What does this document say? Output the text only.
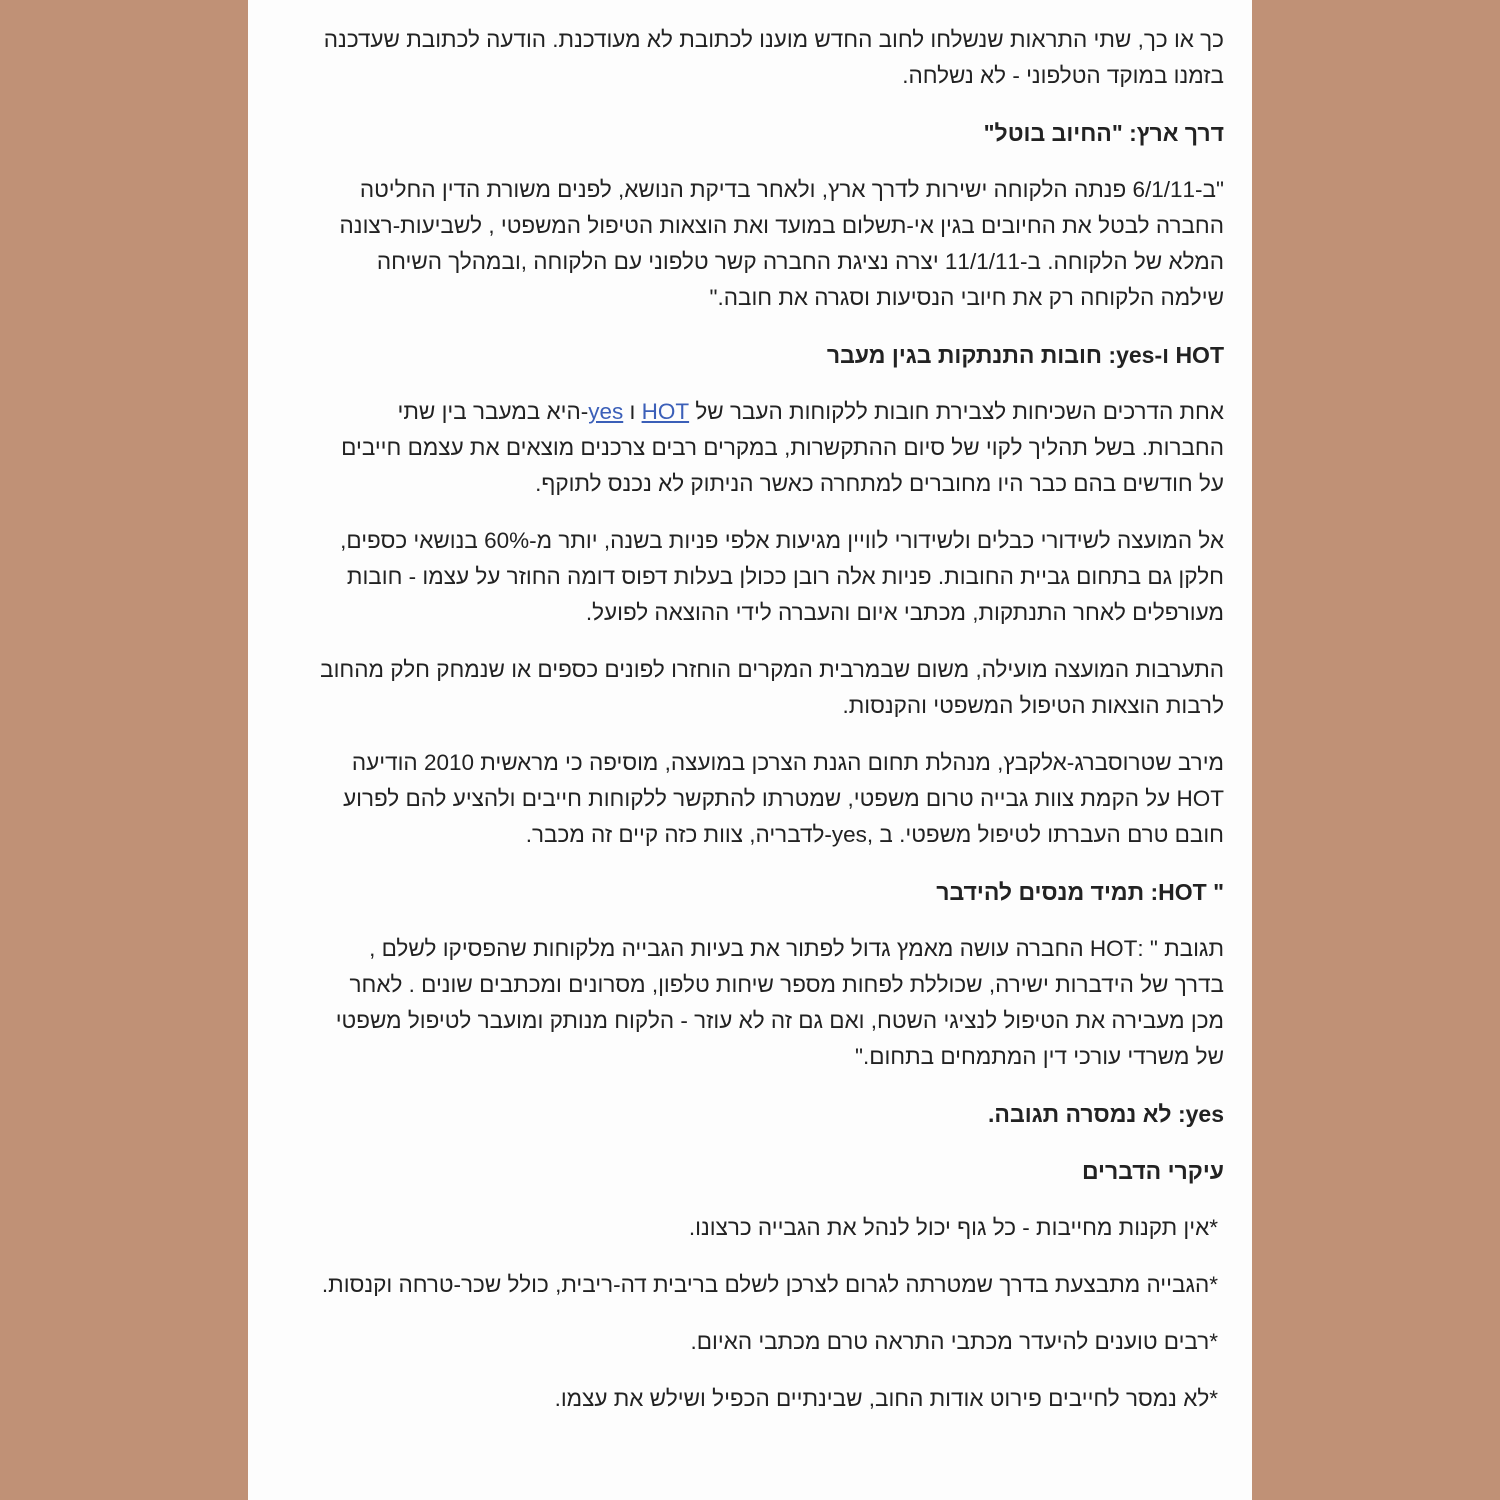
כך או כך, שתי התראות שנשלחו לחוב החדש מוענו לכתובת לא מעודכנת. הודעה לכתובת שעדכנה בזמנו במוקד הטלפוני - לא נשלחה.

דרך ארץ: "החיוב בוטל"

"ב-6/1/11 פנתה הלקוחה ישירות לדרך ארץ, ולאחר בדיקת הנושא, לפנים משורת הדין החליטה החברה לבטל את החיובים בגין אי-תשלום במועד ואת הוצאות הטיפול המשפטי , לשביעות-רצונה המלא של הלקוחה. ב-11/1/11 יצרה נציגת החברה קשר טלפוני עם הלקוחה ,ובמהלך השיחה שילמה הלקוחה רק את חיובי הנסיעות וסגרה את חובה."

HOT ו-yes: חובות התנתקות בגין מעבר

אחת הדרכים השכיחות לצבירת חובות ללקוחות העבר של HOT ו yes-היא במעבר בין שתי החברות. בשל תהליך לקוי של סיום ההתקשרות, במקרים רבים צרכנים מוצאים את עצמם חייבים על חודשים בהם כבר היו מחוברים למתחרה כאשר הניתוק לא נכנס לתוקף.

אל המועצה לשידורי כבלים ולשידורי לוויין מגיעות אלפי פניות בשנה, יותר מ-60% בנושאי כספים, חלקן גם בתחום גביית החובות. פניות אלה רובן ככולן בעלות דפוס דומה החוזר על עצמו - חובות מעורפלים לאחר התנתקות, מכתבי איום והעברה לידי ההוצאה לפועל.

התערבות המועצה מועילה, משום שבמרבית המקרים הוחזרו לפונים כספים או שנמחק חלק מהחוב לרבות הוצאות הטיפול המשפטי והקנסות.

מירב שטרוסברג-אלקבץ, מנהלת תחום הגנת הצרכן במועצה, מוסיפה כי מראשית 2010 הודיעה HOT על הקמת צוות גבייה טרום משפטי, שמטרתו להתקשר ללקוחות חייבים ולהציע להם לפרוע חובם טרם העברתו לטיפול משפטי. ב ,yes-לדבריה, צוות כזה קיים זה מכבר.

" HOT: תמיד מנסים להידבר

תגובת " :HOT החברה עושה מאמץ גדול לפתור את בעיות הגבייה מלקוחות שהפסיקו לשלם , בדרך של הידברות ישירה, שכוללת לפחות מספר שיחות טלפון, מסרונים ומכתבים שונים . לאחר מכן מעבירה את הטיפול לנציגי השטח, ואם גם זה לא עוזר - הלקוח מנותק ומועבר לטיפול משפטי של משרדי עורכי דין המתמחים בתחום."

yes: לא נמסרה תגובה.
עיקרי הדברים

*אין תקנות מחייבות - כל גוף יכול לנהל את הגבייה כרצונו.

*הגבייה מתבצעת בדרך שמטרתה לגרום לצרכן לשלם בריבית דה-ריבית, כולל שכר-טרחה וקנסות.

*רבים טוענים להיעדר מכתבי התראה טרם מכתבי האיום.

*לא נמסר לחייבים פירוט אודות החוב, שבינתיים הכפיל ושילש את עצמו.
